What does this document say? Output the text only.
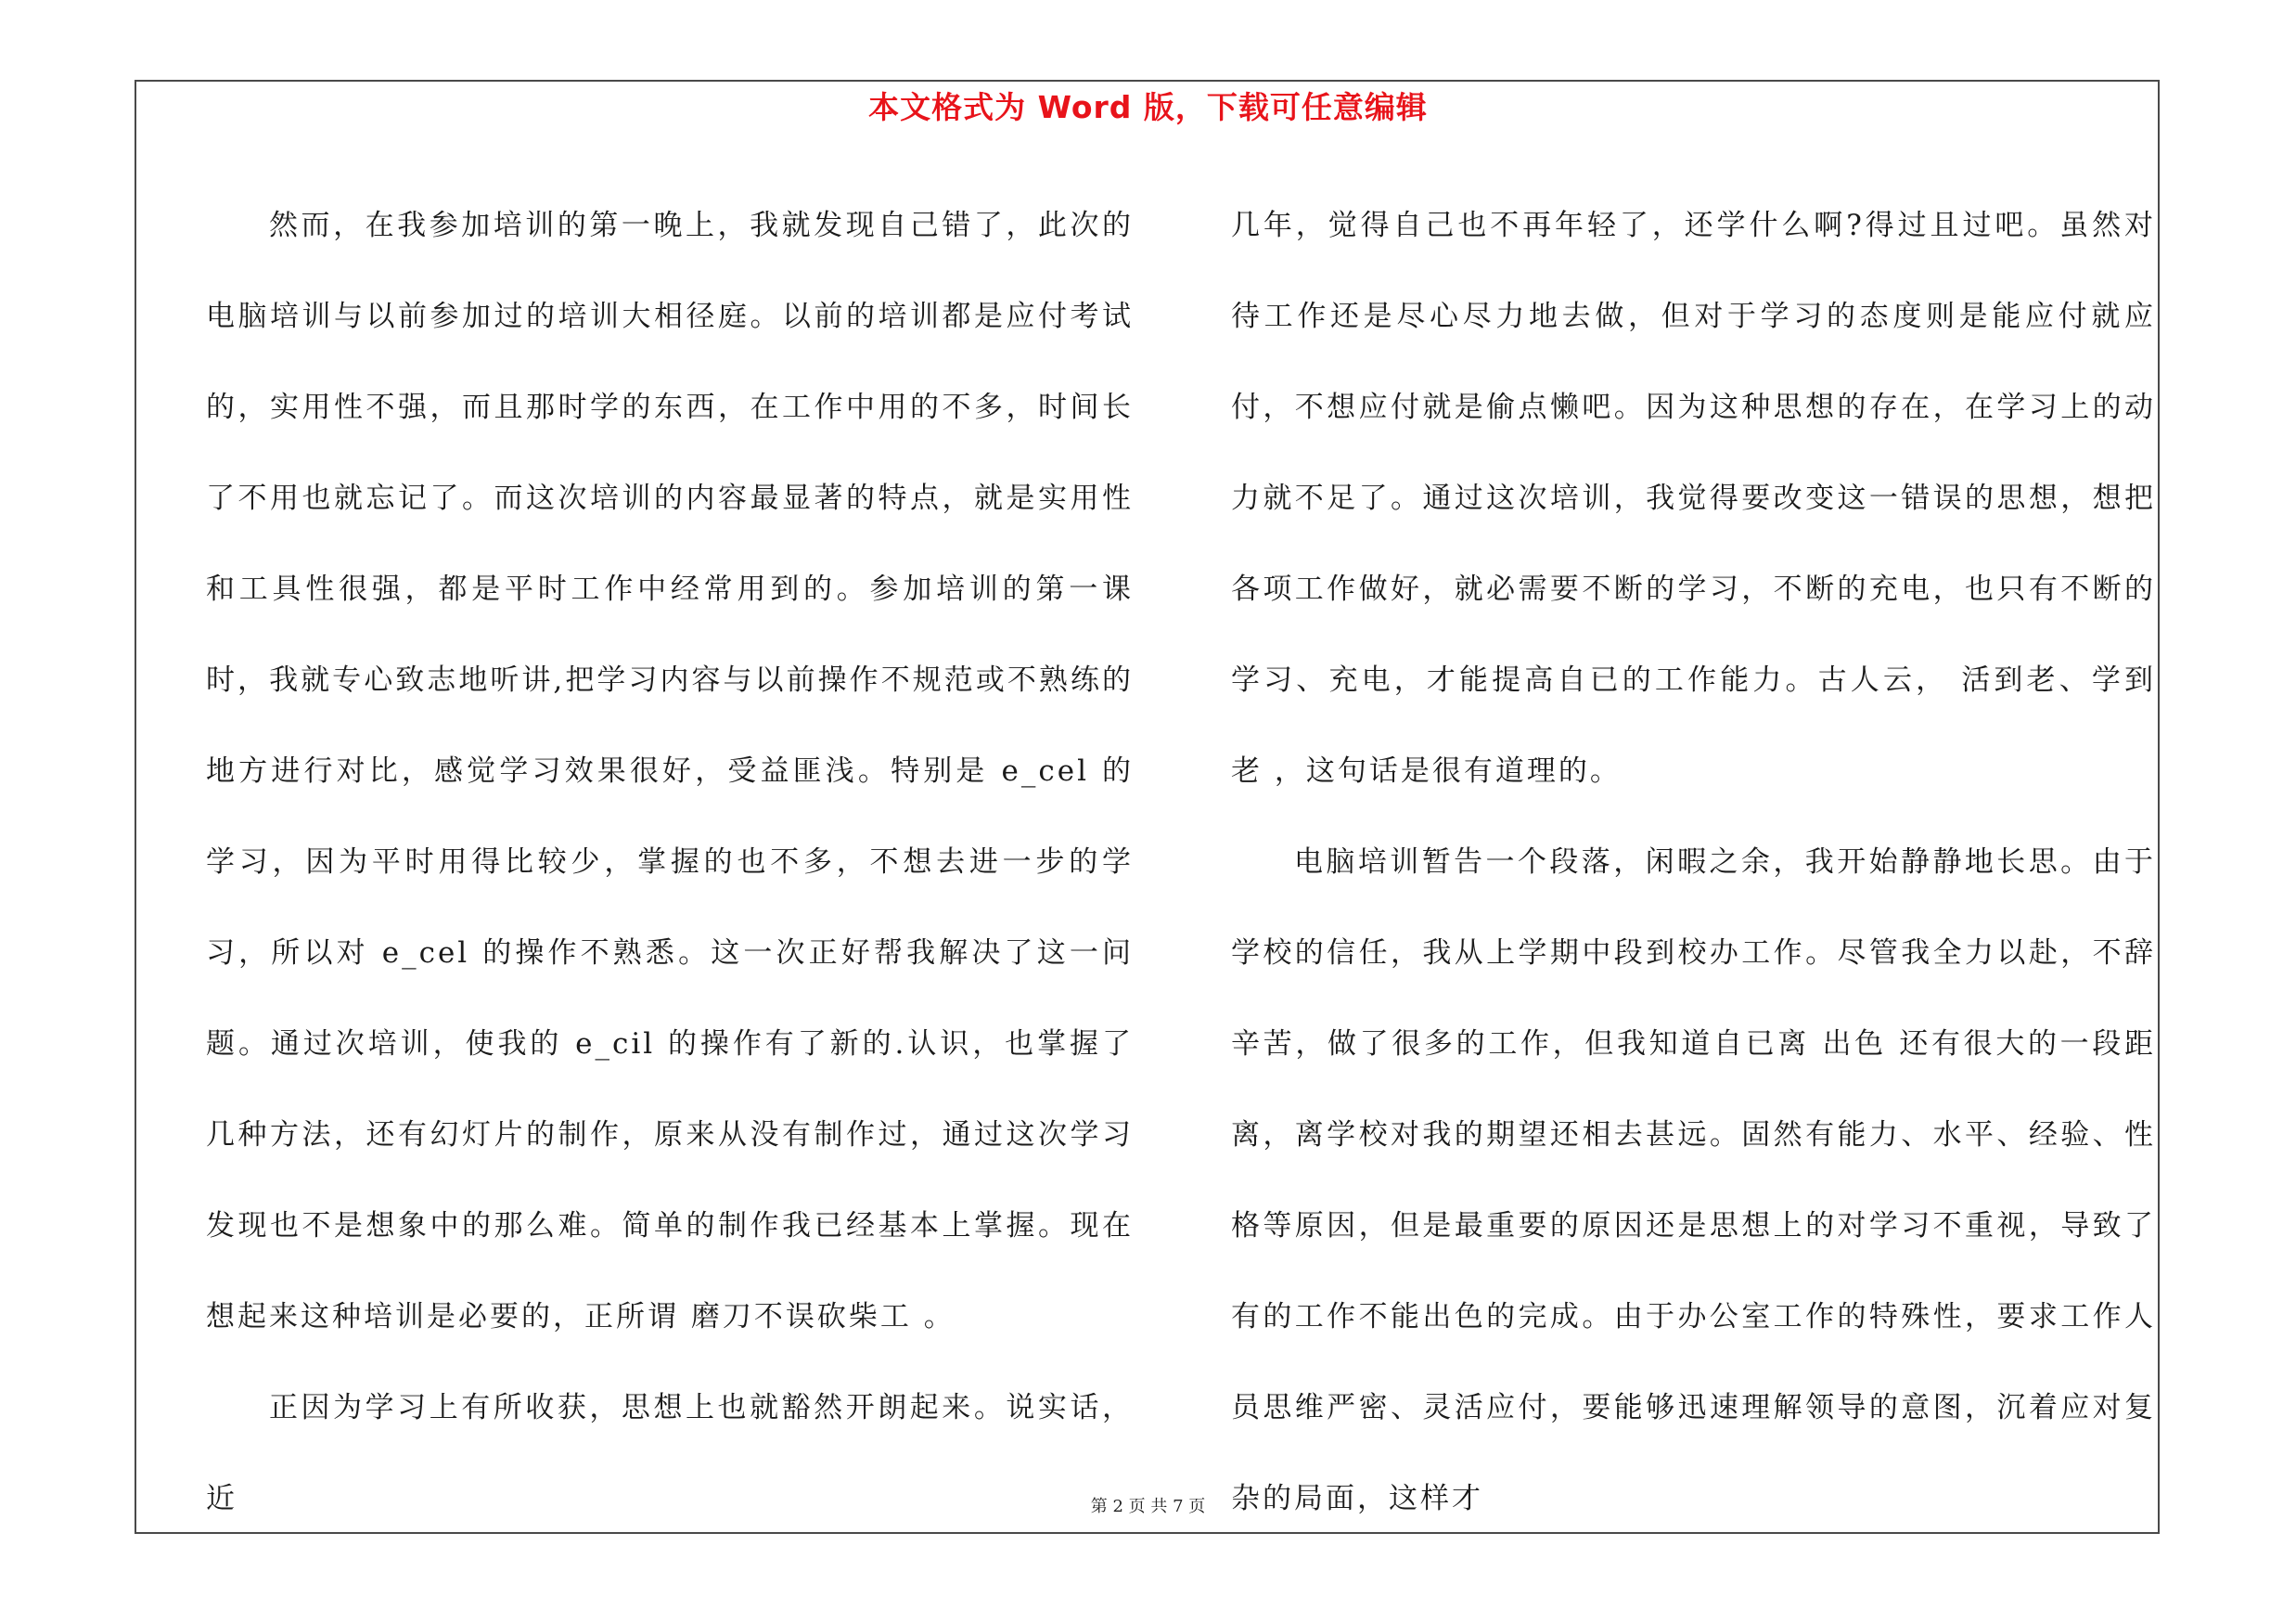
本文格式为 Word 版，下载可任意编辑

然而，在我参加培训的第一晚上，我就发现自己错了，此次的电脑培训与以前参加过的培训大相径庭。以前的培训都是应付考试的，实用性不强，而且那时学的东西，在工作中用的不多，时间长了不用也就忘记了。而这次培训的内容最显著的特点，就是实用性和工具性很强，都是平时工作中经常用到的。参加培训的第一课时，我就专心致志地听讲,把学习内容与以前操作不规范或不熟练的地方进行对比，感觉学习效果很好，受益匪浅。特别是 e_cel 的学习，因为平时用得比较少，掌握的也不多，不想去进一步的学习，所以对 e_cel 的操作不熟悉。这一次正好帮我解决了这一问题。通过次培训，使我的 e_cil 的操作有了新的.认识，也掌握了几种方法，还有幻灯片的制作，原来从没有制作过，通过这次学习发现也不是想象中的那么难。简单的制作我已经基本上掌握。现在想起来这种培训是必要的，正所谓 磨刀不误砍柴工 。

正因为学习上有所收获，思想上也就豁然开朗起来。说实话，近

几年，觉得自己也不再年轻了，还学什么啊?得过且过吧。虽然对待工作还是尽心尽力地去做，但对于学习的态度则是能应付就应付，不想应付就是偷点懒吧。因为这种思想的存在，在学习上的动力就不足了。通过这次培训，我觉得要改变这一错误的思想，想把各项工作做好，就必需要不断的学习，不断的充电，也只有不断的学习、充电，才能提高自已的工作能力。古人云， 活到老、学到老 ，这句话是很有道理的。

电脑培训暂告一个段落，闲暇之余，我开始静静地长思。由于学校的信任，我从上学期中段到校办工作。尽管我全力以赴，不辞辛苦，做了很多的工作，但我知道自已离 出色 还有很大的一段距离，离学校对我的期望还相去甚远。固然有能力、水平、经验、性格等原因，但是最重要的原因还是思想上的对学习不重视，导致了有的工作不能出色的完成。由于办公室工作的特殊性，要求工作人员思维严密、灵活应付，要能够迅速理解领导的意图，沉着应对复杂的局面，这样才

第 2 页 共 7 页
